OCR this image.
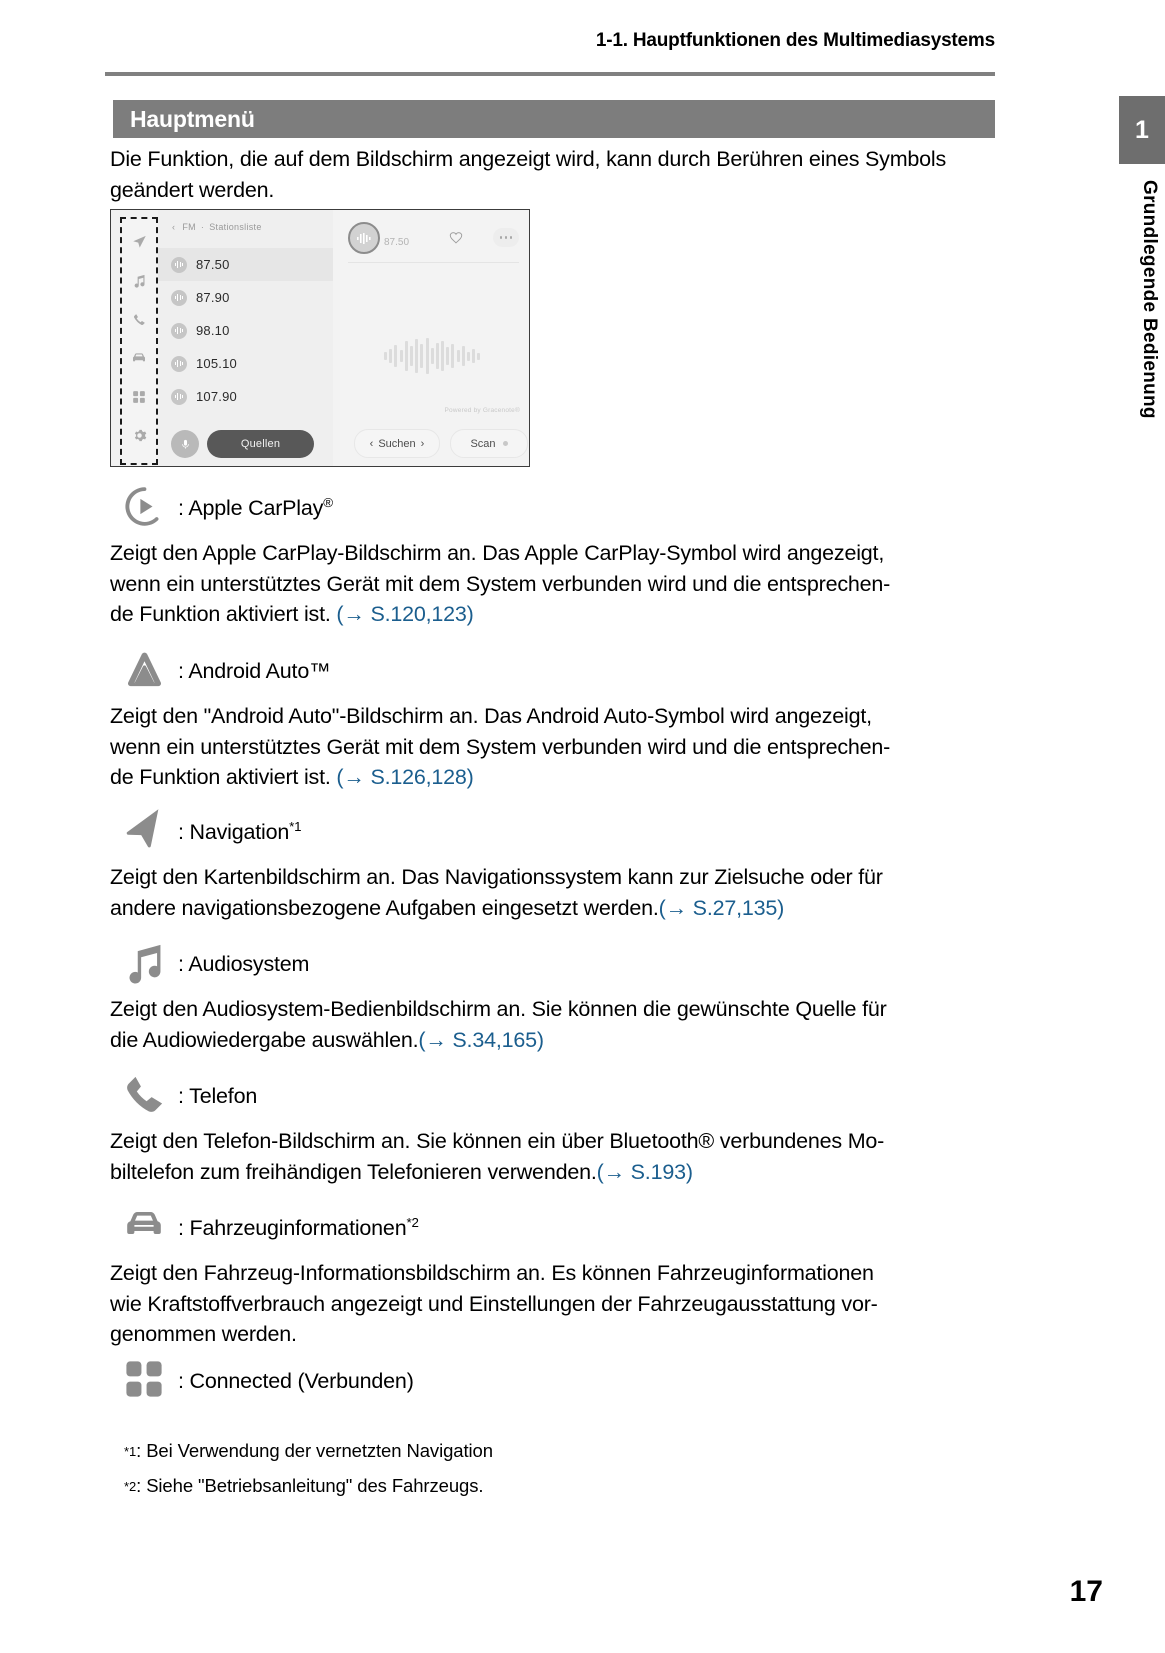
1-1. Hauptfunktionen des Multimediasystems
1
Grundlegende Bedienung
Hauptmenü
Die Funktion, die auf dem Bildschirm angezeigt wird, kann durch Berühren eines Symbols geändert werden.
‹ FM · Stationsliste
87.50
87.90
98.10
105.10
107.90
Quellen
87.50
Powered by Gracenote®
‹ Suchen ›	Scan
: Apple CarPlay®
Zeigt den Apple CarPlay-Bildschirm an. Das Apple CarPlay-Symbol wird angezeigt,
wenn ein unterstütztes Gerät mit dem System verbunden wird und die entsprechen-
de Funktion aktiviert ist. (→ S.120,123)
: Android Auto™
Zeigt den "Android Auto"-Bildschirm an. Das Android Auto-Symbol wird angezeigt,
wenn ein unterstütztes Gerät mit dem System verbunden wird und die entsprechen-
de Funktion aktiviert ist. (→ S.126,128)
: Navigation$^{*1}$
Zeigt den Kartenbildschirm an. Das Navigationssystem kann zur Zielsuche oder für
andere navigationsbezogene Aufgaben eingesetzt werden.(→ S.27,135)
: Audiosystem
Zeigt den Audiosystem-Bedienbildschirm an. Sie können die gewünschte Quelle für
die Audiowiedergabe auswählen.(→ S.34,165)
: Telefon
Zeigt den Telefon-Bildschirm an. Sie können ein über Bluetooth® verbundenes Mo-
biltelefon zum freihändigen Telefonieren verwenden.(→ S.193)
: Fahrzeuginformationen$^{*2}$
Zeigt den Fahrzeug-Informationsbildschirm an. Es können Fahrzeuginformationen
wie Kraftstoffverbrauch angezeigt und Einstellungen der Fahrzeugausstattung vor-
genommen werden.
: Connected (Verbunden)
*1: Bei Verwendung der vernetzten Navigation
*2: Siehe "Betriebsanleitung" des Fahrzeugs.
17
